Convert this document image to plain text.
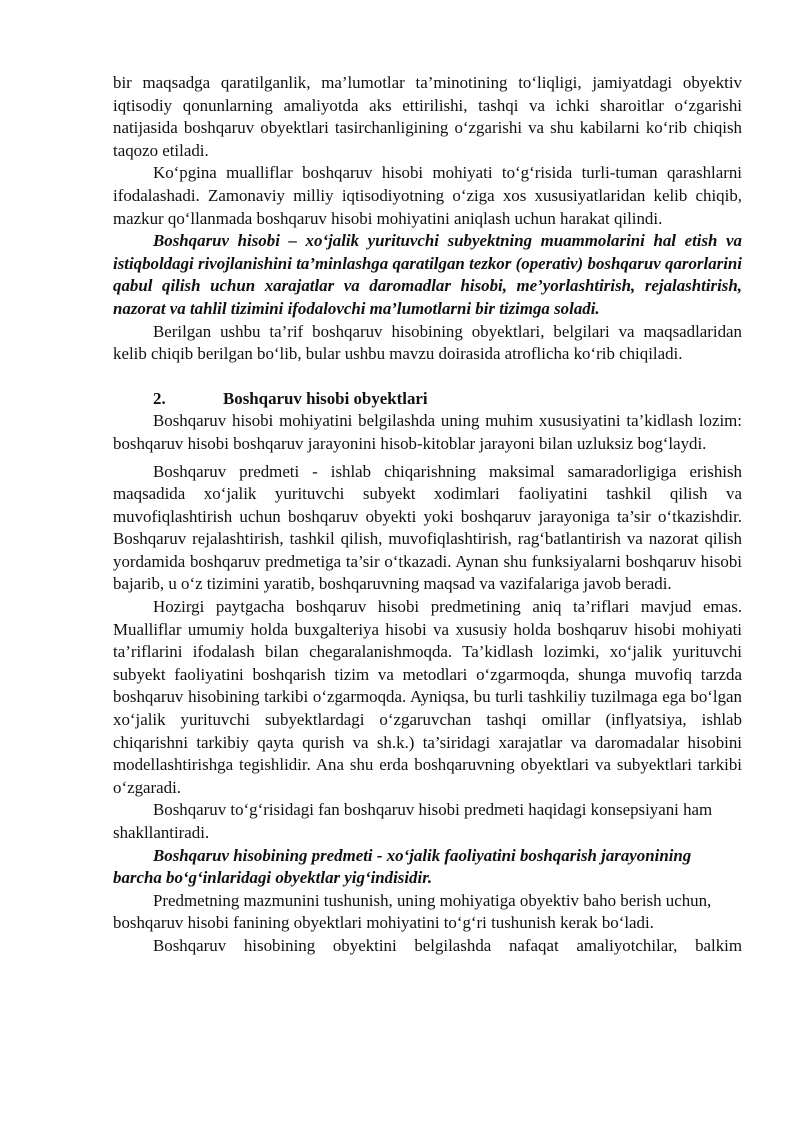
bir maqsadga qaratilganlik, ma’lumotlar ta’minotining to‘liqligi, jamiyatdagi obyektiv iqtisodiy qonunlarning amaliyotda aks ettirilishi, tashqi va ichki sharoitlar o‘zgarishi natijasida boshqaruv obyektlari tasirchanligining o‘zgarishi va shu kabilarni ko‘rib chiqish taqozo etiladi.

Ko‘pgina mualliflar boshqaruv hisobi mohiyati to‘g‘risida turli-tuman qarashlarni ifodalashadi. Zamonaviy milliy iqtisodiyotning o‘ziga xos xususiyatlaridan kelib chiqib, mazkur qo‘llanmada boshqaruv hisobi mohiyatini aniqlash uchun harakat qilindi.

Boshqaruv hisobi – xo‘jalik yurituvchi subyektning muammolarini hal etish va istiqboldagi rivojlanishini ta’minlashga qaratilgan tezkor (operativ) boshqaruv qarorlarini qabul qilish uchun xarajatlar va daromadlar hisobi, me’yorlashtirish, rejalashtirish, nazorat va tahlil tizimini ifodalovchi ma’lumotlarni bir tizimga soladi.

Berilgan ushbu ta’rif boshqaruv hisobining obyektlari, belgilari va maqsadlaridan kelib chiqib berilgan bo‘lib, bular ushbu mavzu doirasida atroflicha ko‘rib chiqiladi.

2.	Boshqaruv hisobi obyektlari

Boshqaruv hisobi mohiyatini belgilashda uning muhim xususiyatini ta’kidlash lozim: boshqaruv hisobi boshqaruv jarayonini hisob-kitoblar jarayoni bilan uzluksiz bog‘laydi.

Boshqaruv predmeti - ishlab chiqarishning maksimal samaradorligiga erishish maqsadida xo‘jalik yurituvchi subyekt xodimlari faoliyatini tashkil qilish va muvofiqlashtirish uchun boshqaruv obyekti yoki boshqaruv jarayoniga ta’sir o‘tkazishdir. Boshqaruv rejalashtirish, tashkil qilish, muvofiqlashtirish, rag‘batlantirish va nazorat qilish yordamida boshqaruv predmetiga ta’sir o‘tkazadi. Aynan shu funksiyalarni boshqaruv hisobi bajarib, u o‘z tizimini yaratib, boshqaruvning maqsad va vazifalariga javob beradi.

Hozirgi paytgacha boshqaruv hisobi predmetining aniq ta’riflari mavjud emas. Mualliflar umumiy holda buxgalteriya hisobi va xususiy holda boshqaruv hisobi mohiyati ta’riflarini ifodalash bilan chegaralanishmoqda. Ta’kidlash lozimki, xo‘jalik yurituvchi subyekt faoliyatini boshqarish tizim va metodlari o‘zgarmoqda, shunga muvofiq tarzda boshqaruv hisobining tarkibi o‘zgarmoqda. Ayniqsa, bu turli tashkiliy tuzilmaga ega bo‘lgan xo‘jalik yurituvchi subyektlardagi o‘zgaruvchan tashqi omillar (inflyatsiya, ishlab chiqarishni tarkibiy qayta qurish va sh.k.) ta’siridagi xarajatlar va daromadalar hisobini modellashtirishga tegishlidir. Ana shu erda boshqaruvning obyektlari va subyektlari tarkibi o‘zgaradi.

Boshqaruv to‘g‘risidagi fan boshqaruv hisobi predmeti haqidagi konsepsiyani ham shakllantiradi.

Boshqaruv hisobining predmeti - xo‘jalik faoliyatini boshqarish jarayonining barcha bo‘g‘inlaridagi obyektlar yig‘indisidir.

Predmetning mazmunini tushunish, uning mohiyatiga obyektiv baho berish uchun, boshqaruv hisobi fanining obyektlari mohiyatini to‘g‘ri tushunish kerak bo‘ladi.

Boshqaruv hisobining obyektini belgilashda nafaqat amaliyotchilar, balkim
